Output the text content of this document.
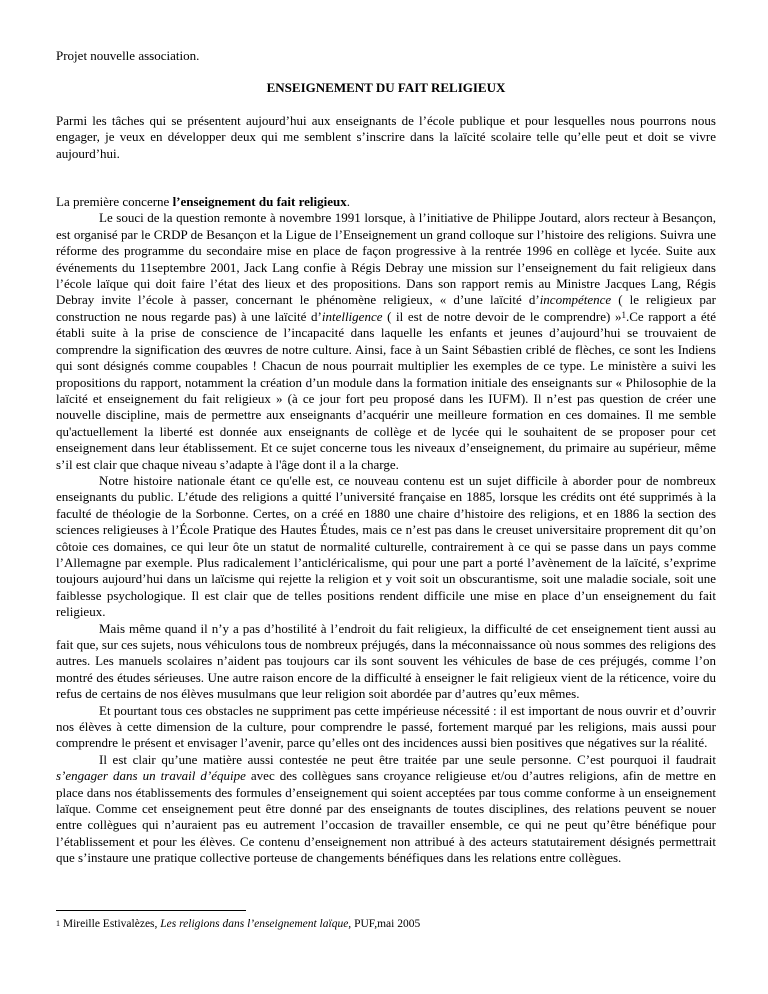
Projet nouvelle association.

ENSEIGNEMENT DU FAIT RELIGIEUX

Parmi les tâches qui se présentent aujourd’hui aux enseignants de l’école publique et pour lesquelles nous pourrons nous engager, je veux en développer deux qui me semblent s’inscrire dans la laïcité scolaire telle qu’elle peut et doit se vivre aujourd’hui.

La première concerne l’enseignement du fait religieux.

Le souci de la question remonte à novembre 1991 lorsque, à l’initiative de Philippe Joutard, alors recteur à Besançon, est organisé par le CRDP de Besançon et la Ligue de l’Enseignement un grand colloque sur l’histoire des religions. Suivra une réforme des programme du secondaire mise en place de façon progressive à la rentrée 1996 en collège et lycée. Suite aux événements du 11septembre 2001, Jack Lang confie à Régis Debray une mission sur l’enseignement du fait religieux dans l’école laïque qui doit faire l’état des lieux et des propositions. Dans son rapport remis au Ministre Jacques Lang, Régis Debray invite l’école à passer, concernant le phénomène religieux, « d’une laïcité d’incompétence ( le religieux par construction ne nous regarde pas) à une laïcité d’intelligence ( il est de notre devoir de le comprendre) »$^1$.Ce rapport a été établi suite à la prise de conscience de l’incapacité dans laquelle les enfants et jeunes d’aujourd’hui se trouvaient de comprendre la signification des œuvres de notre culture. Ainsi, face à un Saint Sébastien criblé de flèches, ce sont les Indiens qui sont désignés comme coupables ! Chacun de nous pourrait multiplier les exemples de ce type. Le ministère a suivi les propositions du rapport, notamment la création d’un module dans la formation initiale des enseignants sur « Philosophie de la laïcité et enseignement du fait religieux » (à ce jour fort peu proposé dans les IUFM). Il n’est pas question de créer une nouvelle discipline, mais de permettre aux enseignants d’acquérir une meilleure formation en ces domaines. Il me semble qu'actuellement la liberté est donnée aux enseignants de collège et de lycée qui le souhaitent de se proposer pour cet enseignement dans leur établissement. Et ce sujet concerne tous les niveaux d’enseignement, du primaire au supérieur, même s’il est clair que chaque niveau s’adapte à l'âge dont il a la charge.

Notre histoire nationale étant ce qu'elle est, ce nouveau contenu est un sujet difficile à aborder pour de nombreux enseignants du public. L’étude des religions a quitté l’université française en 1885, lorsque les crédits ont été supprimés à la faculté de théologie de la Sorbonne. Certes, on a créé en 1880 une chaire d’histoire des religions, et en 1886 la section des sciences religieuses à l’École Pratique des Hautes Études, mais ce n’est pas dans le creuset universitaire proprement dit qu’on côtoie ces domaines, ce qui leur ôte un statut de normalité culturelle, contrairement à ce qui se passe dans un pays comme l’Allemagne par exemple. Plus radicalement l’anticléricalisme, qui pour une part a porté l’avènement de la laïcité, s’exprime toujours aujourd’hui dans un laïcisme qui rejette la religion et y voit soit un obscurantisme, soit une maladie sociale, soit une faiblesse psychologique. Il est clair que de telles positions rendent difficile une mise en place d’un enseignement du fait religieux.

Mais même quand il n’y a pas d’hostilité à l’endroit du fait religieux, la difficulté de cet enseignement tient aussi au fait que, sur ces sujets, nous véhiculons tous de nombreux préjugés, dans la méconnaissance où nous sommes des religions des autres. Les manuels scolaires n’aident pas toujours car ils sont souvent les véhicules de base de ces préjugés, comme l’on montré des études sérieuses. Une autre raison encore de la difficulté à enseigner le fait religieux vient de la réticence, voire du refus de certains de nos élèves musulmans que leur religion soit abordée par d’autres qu’eux mêmes.

Et pourtant tous ces obstacles ne suppriment pas cette impérieuse nécessité : il est important de nous ouvrir et d’ouvrir nos élèves à cette dimension de la culture, pour comprendre le passé, fortement marqué par les religions, mais aussi pour comprendre le présent et envisager l’avenir, parce qu’elles ont des incidences aussi bien positives que négatives sur la réalité.

Il est clair qu’une matière aussi contestée ne peut être traitée par une seule personne. C’est pourquoi il faudrait s’engager dans un travail d’équipe avec des collègues sans croyance religieuse et/ou d’autres religions, afin de mettre en place dans nos établissements des formules d’enseignement qui soient acceptées par tous comme conforme à un enseignement laïque. Comme cet enseignement peut être donné par des enseignants de toutes disciplines, des relations peuvent se nouer entre collègues qui n’auraient pas eu autrement l’occasion de travailler ensemble, ce qui ne peut qu’être bénéfique pour l’établissement et pour les élèves. Ce contenu d’enseignement non attribué à des acteurs statutairement désignés permettrait que s’instaure une pratique collective porteuse de changements bénéfiques dans les relations entre collègues.

$^1$ Mireille Estivalèzes, Les religions dans l’enseignement laïque, PUF,mai 2005
